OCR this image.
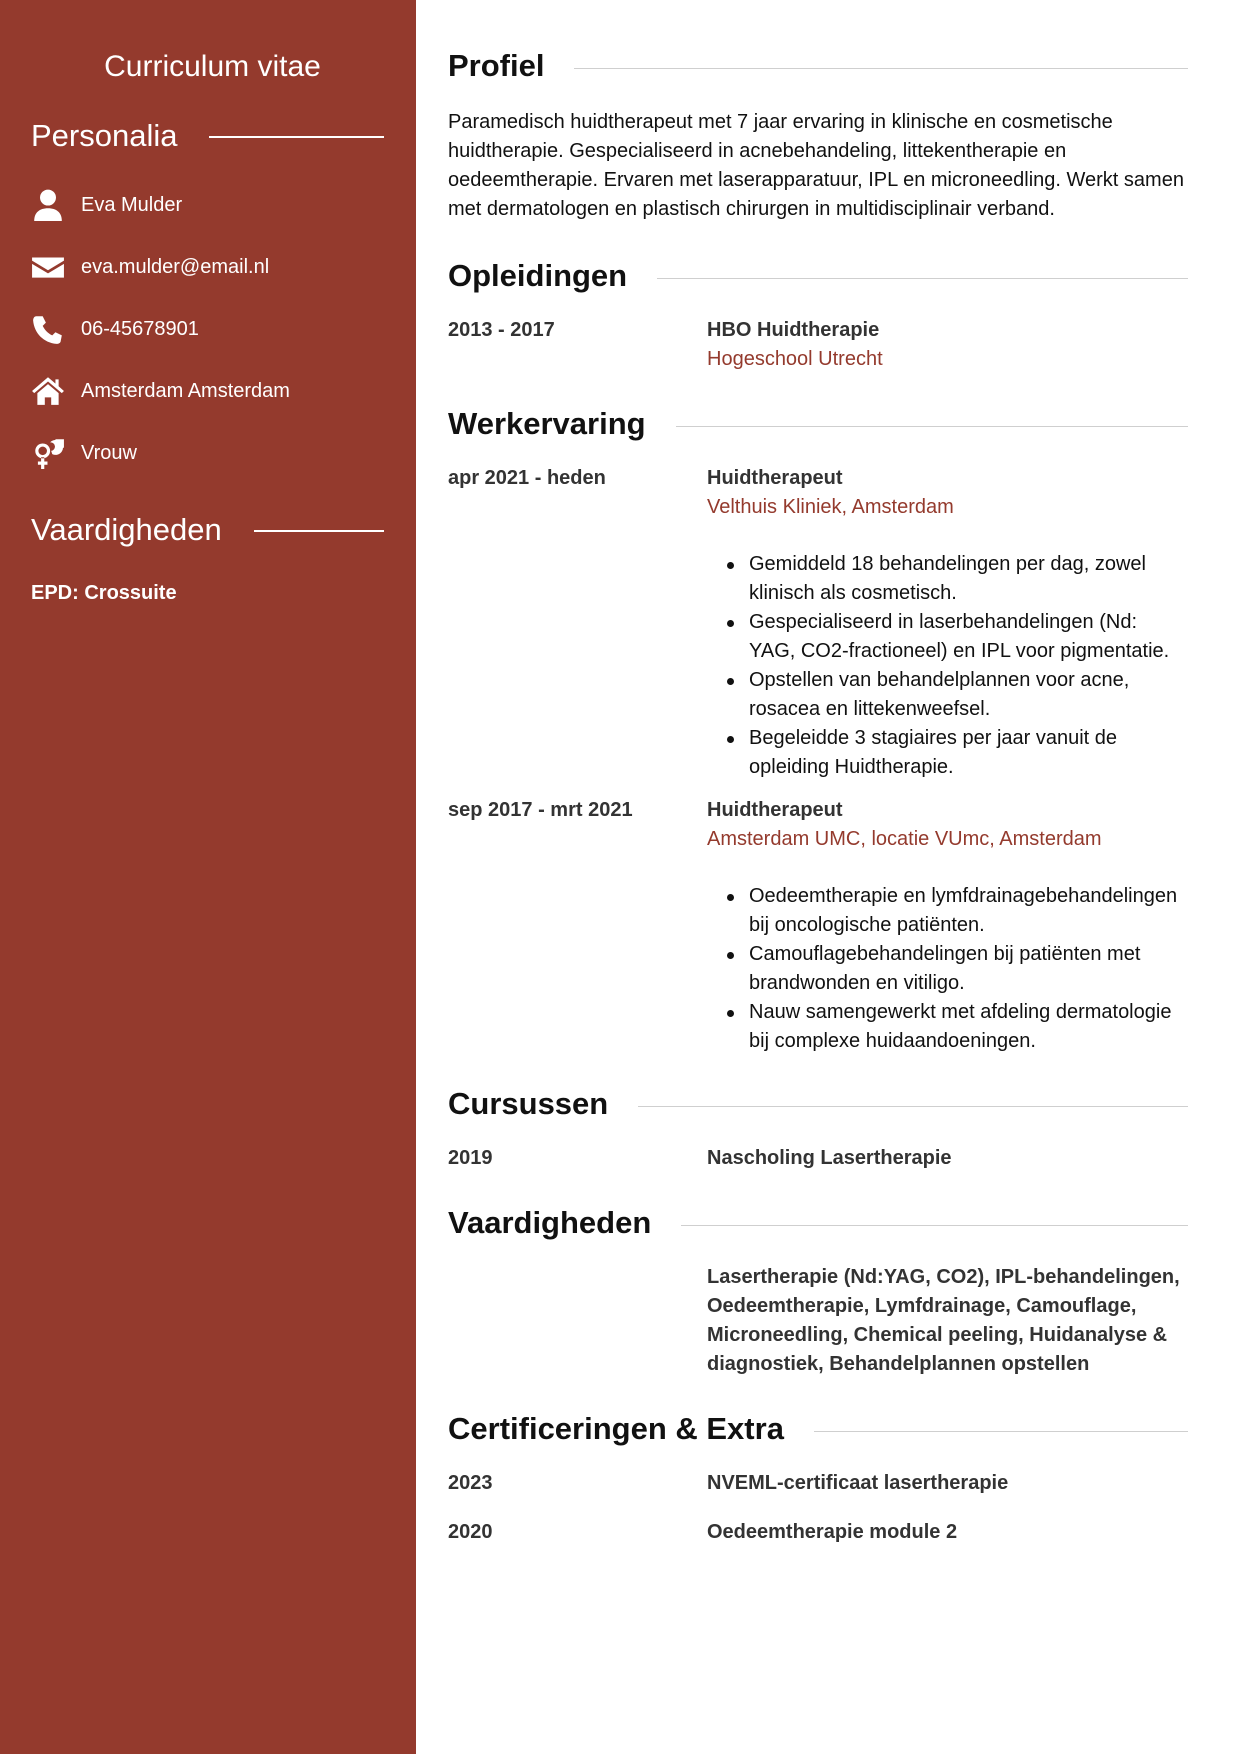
Curriculum vitae
Personalia
Eva Mulder
eva.mulder@email.nl
06-45678901
Amsterdam Amsterdam
Vrouw
Vaardigheden
EPD: Crossuite
Profiel

Paramedisch huidtherapeut met 7 jaar ervaring in klinische en cosmetische huidtherapie. Gespecialiseerd in acnebehandeling, littekentherapie en oedeemtherapie. Ervaren met laserapparatuur, IPL en microneedling. Werkt samen met dermatologen en plastisch chirurgen in multidisciplinair verband.

Opleidingen
2013 - 2017	HBO Huidtherapie
Hogeschool Utrecht
Werkervaring
apr 2021 - heden	Huidtherapeut
Velthuis Kliniek, Amsterdam
Gemiddeld 18 behandelingen per dag, zowel klinisch als cosmetisch.
Gespecialiseerd in laserbehandelingen (Nd: YAG, CO2-fractioneel) en IPL voor pigmentatie.
Opstellen van behandelplannen voor acne, rosacea en littekenweefsel.
Begeleidde 3 stagiaires per jaar vanuit de opleiding Huidtherapie.
sep 2017 - mrt 2021	Huidtherapeut
Amsterdam UMC, locatie VUmc, Amsterdam
Oedeemtherapie en lymfdrainagebehandelingen bij oncologische patiënten.
Camouflagebehandelingen bij patiënten met brandwonden en vitiligo.
Nauw samengewerkt met afdeling dermatologie bij complexe huidaandoeningen.
Cursussen
2019	Nascholing Lasertherapie
Vaardigheden
Lasertherapie (Nd:YAG, CO2), IPL-behandelingen, Oedeemtherapie, Lymfdrainage, Camouflage, Microneedling, Chemical peeling, Huidanalyse & diagnostiek, Behandelplannen opstellen
Certificeringen & Extra
2023	NVEML-certificaat lasertherapie
2020	Oedeemtherapie module 2
